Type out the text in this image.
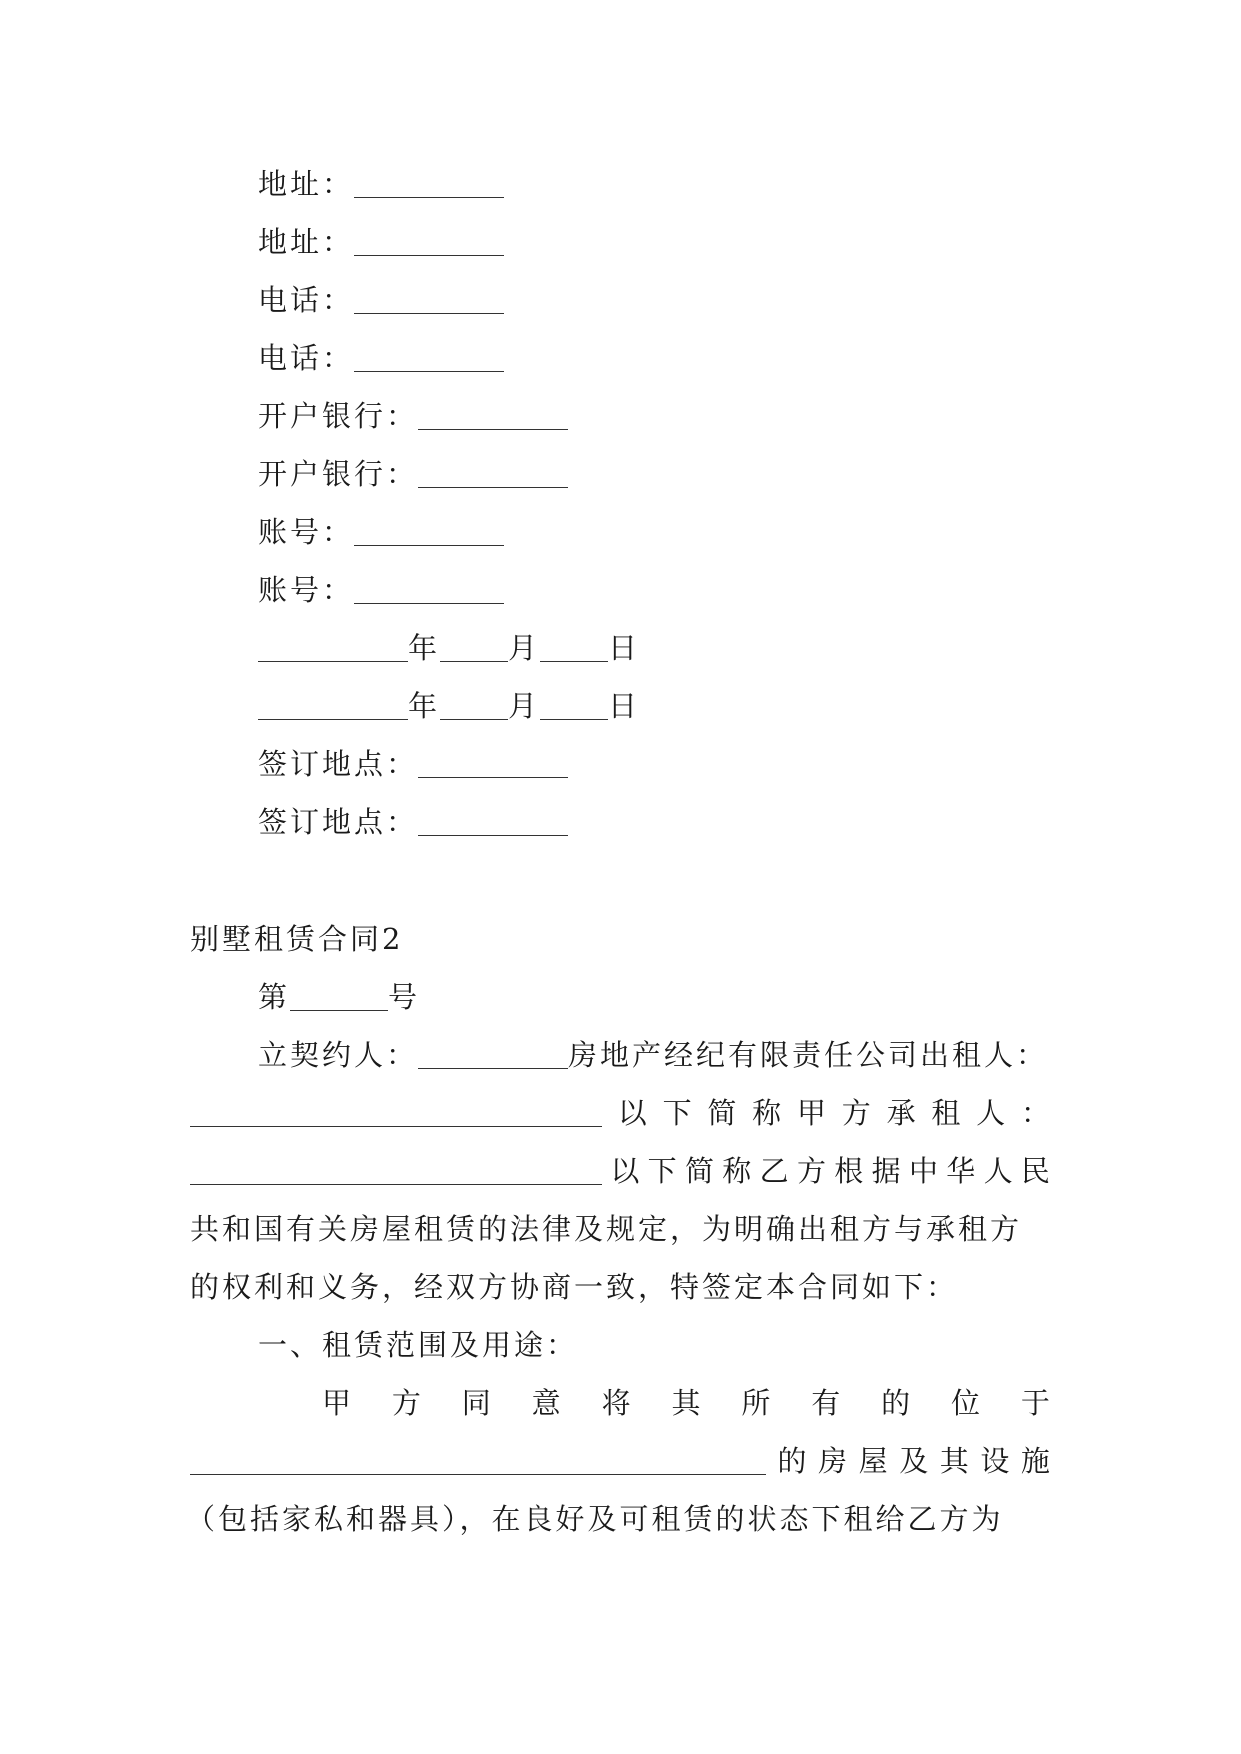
地址：
地址：
电话：
电话：
开户银行：
开户银行：
账号：
账号：
年 月 日
年 月 日
签订地点：
签订地点：
别墅租赁合同2
第	号
立契约人：	房地产经纪有限责任公司出租人：
以 下 简 称 甲 方 承 租 人 ：
以 下 简 称 乙 方 根 据 中 华 人 民
共和国有关房屋租赁的法律及规定，为明确出租方与承租方
的权利和义务，经双方协商一致，特签定本合同如下：
一、租赁范围及用途：
甲 方 同 意 将 其 所 有 的 位 于
的 房 屋 及 其 设 施
（包括家私和器具），在良好及可租赁的状态下租给乙方为
